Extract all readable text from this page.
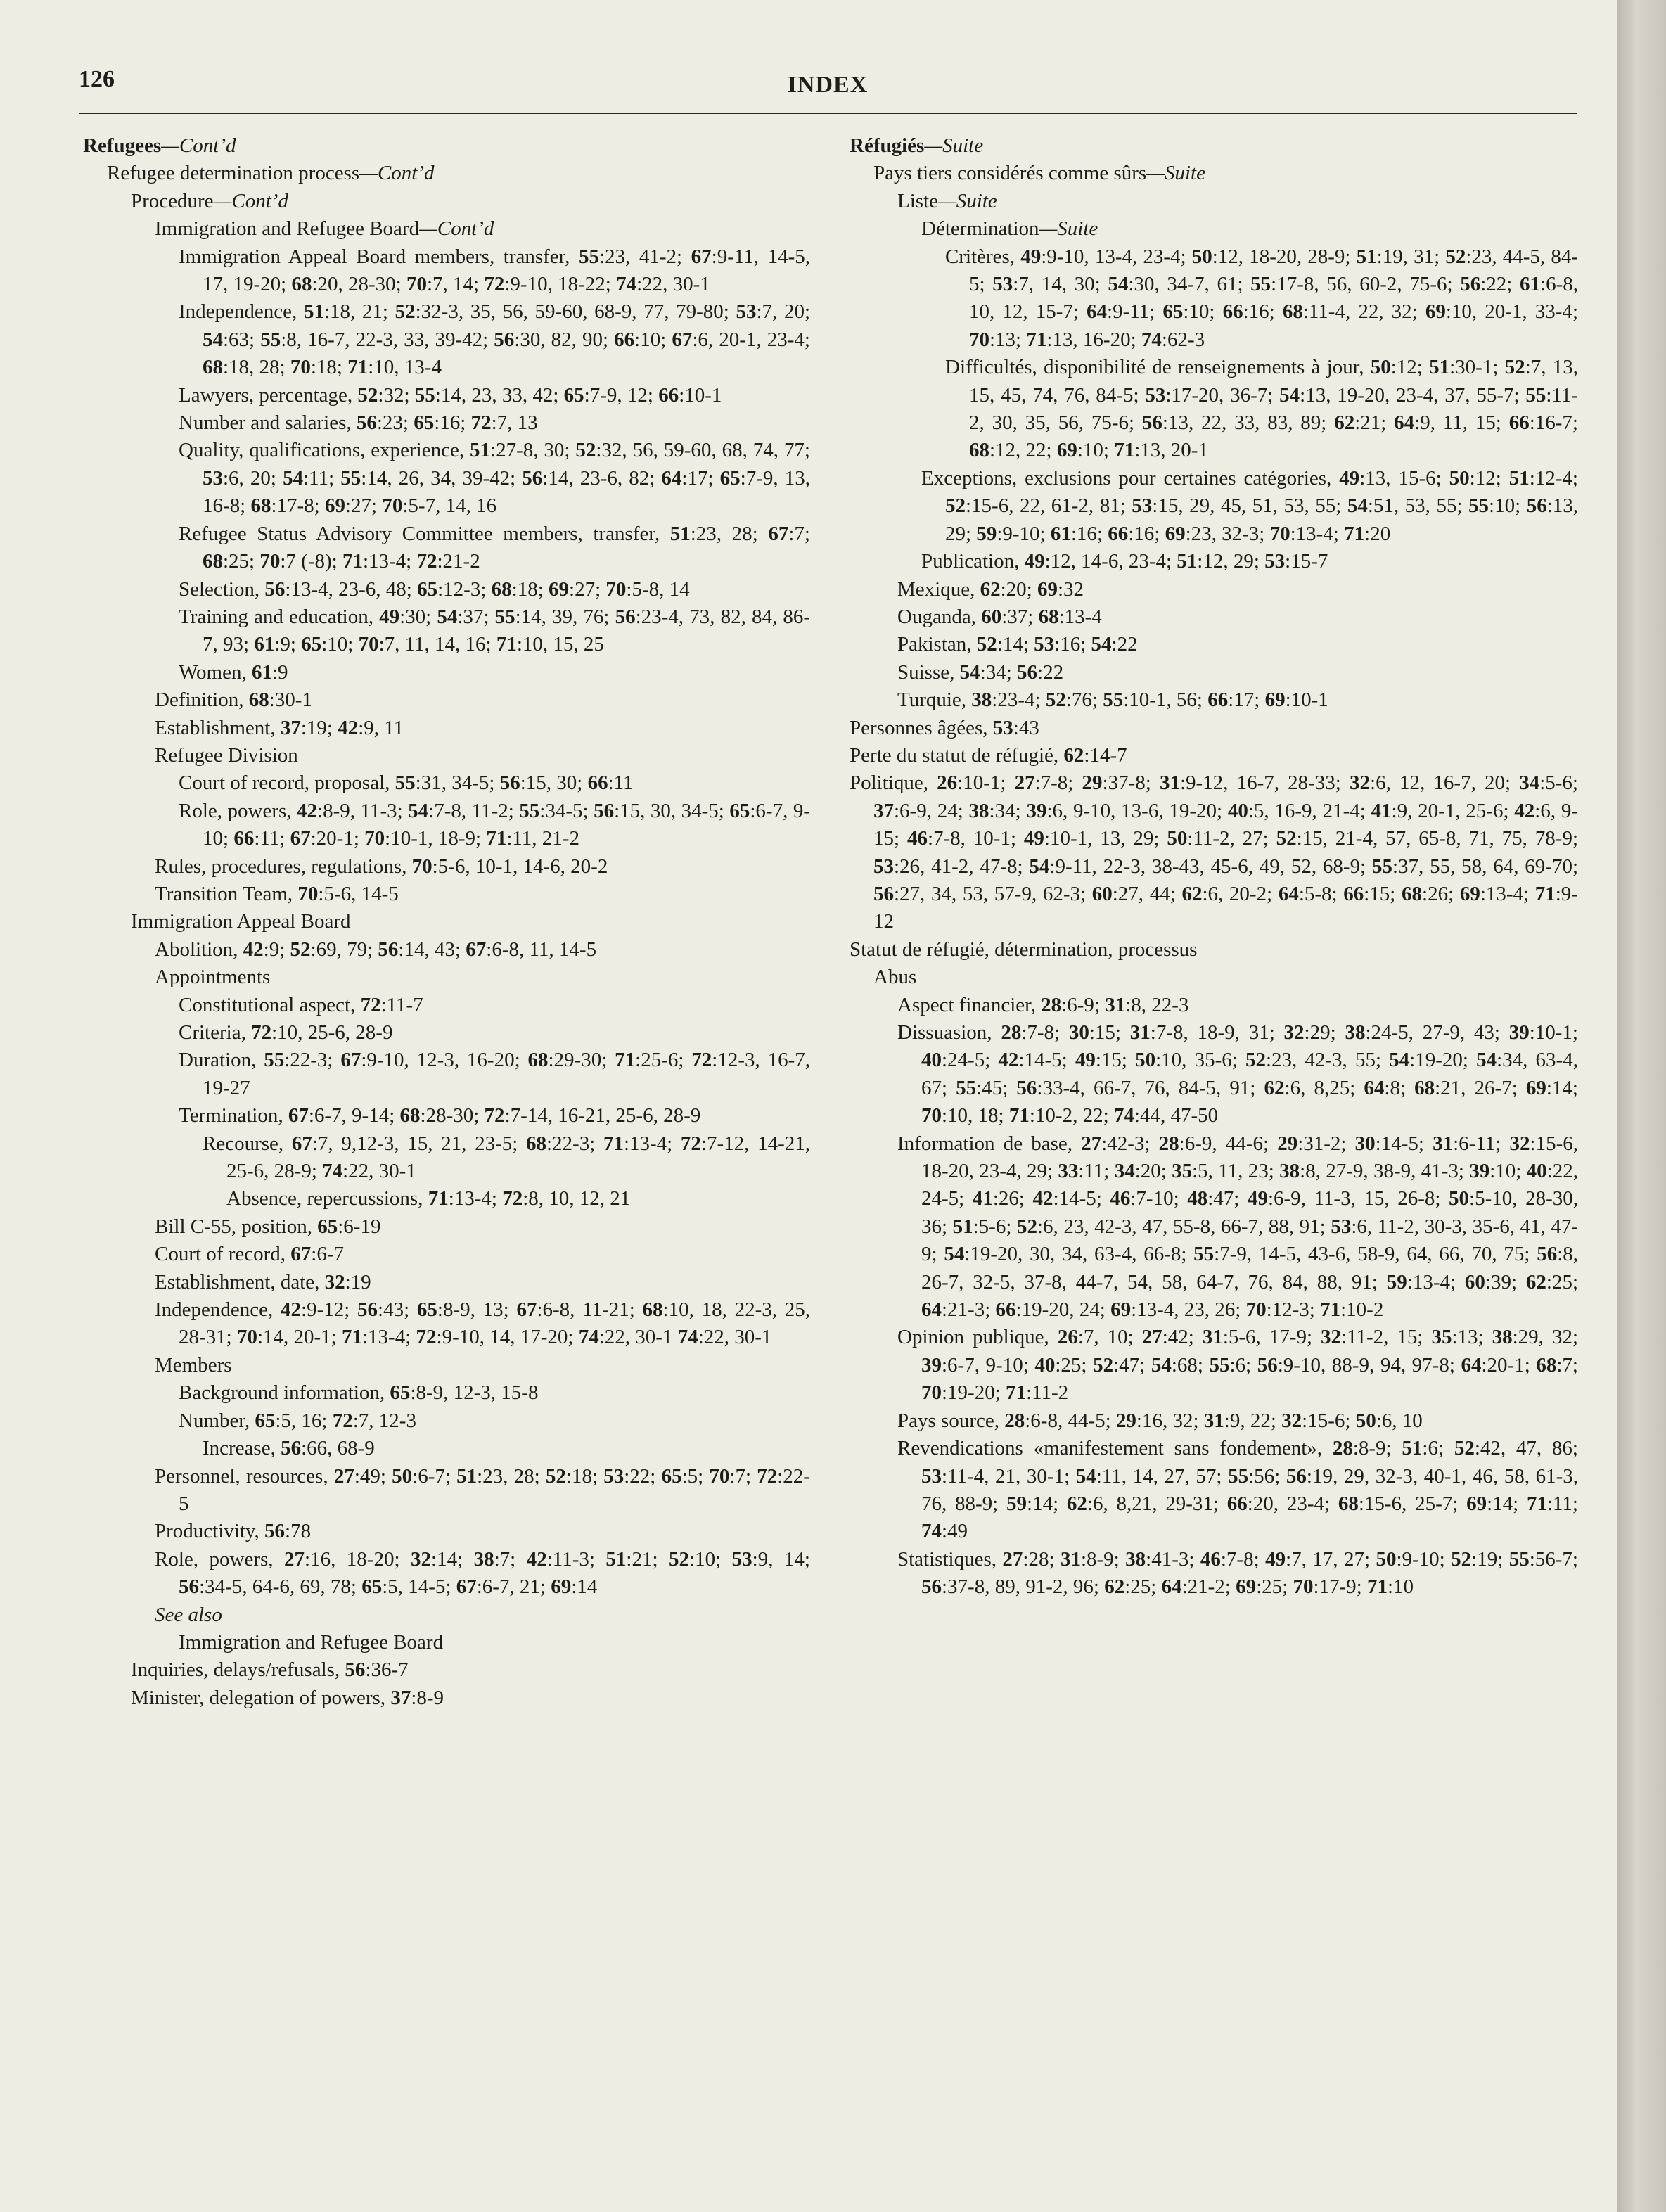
126	INDEX
Refugees—Cont’d
Refugee determination process—Cont’d
Procedure—Cont’d
Immigration and Refugee Board—Cont’d
Immigration Appeal Board members, transfer, 55:23, 41-2; 67:9-11, 14-5, 17, 19-20; 68:20, 28-30; 70:7, 14; 72:9-10, 18-22; 74:22, 30-1
Independence, 51:18, 21; 52:32-3, 35, 56, 59-60, 68-9, 77, 79-80; 53:7, 20; 54:63; 55:8, 16-7, 22-3, 33, 39-42; 56:30, 82, 90; 66:10; 67:6, 20-1, 23-4; 68:18, 28; 70:18; 71:10, 13-4
Lawyers, percentage, 52:32; 55:14, 23, 33, 42; 65:7-9, 12; 66:10-1
Number and salaries, 56:23; 65:16; 72:7, 13
Quality, qualifications, experience, 51:27-8, 30; 52:32, 56, 59-60, 68, 74, 77; 53:6, 20; 54:11; 55:14, 26, 34, 39-42; 56:14, 23-6, 82; 64:17; 65:7-9, 13, 16-8; 68:17-8; 69:27; 70:5-7, 14, 16
Refugee Status Advisory Committee members, transfer, 51:23, 28; 67:7; 68:25; 70:7 (-8); 71:13-4; 72:21-2
Selection, 56:13-4, 23-6, 48; 65:12-3; 68:18; 69:27; 70:5-8, 14
Training and education, 49:30; 54:37; 55:14, 39, 76; 56:23-4, 73, 82, 84, 86-7, 93; 61:9; 65:10; 70:7, 11, 14, 16; 71:10, 15, 25
Women, 61:9
Definition, 68:30-1
Establishment, 37:19; 42:9, 11
Refugee Division
Court of record, proposal, 55:31, 34-5; 56:15, 30; 66:11
Role, powers, 42:8-9, 11-3; 54:7-8, 11-2; 55:34-5; 56:15, 30, 34-5; 65:6-7, 9-10; 66:11; 67:20-1; 70:10-1, 18-9; 71:11, 21-2
Rules, procedures, regulations, 70:5-6, 10-1, 14-6, 20-2
Transition Team, 70:5-6, 14-5
Immigration Appeal Board
Abolition, 42:9; 52:69, 79; 56:14, 43; 67:6-8, 11, 14-5
Appointments
Constitutional aspect, 72:11-7
Criteria, 72:10, 25-6, 28-9
Duration, 55:22-3; 67:9-10, 12-3, 16-20; 68:29-30; 71:25-6; 72:12-3, 16-7, 19-27
Termination, 67:6-7, 9-14; 68:28-30; 72:7-14, 16-21, 25-6, 28-9
Recourse, 67:7, 9,12-3, 15, 21, 23-5; 68:22-3; 71:13-4; 72:7-12, 14-21, 25-6, 28-9; 74:22, 30-1
Absence, repercussions, 71:13-4; 72:8, 10, 12, 21
Bill C-55, position, 65:6-19
Court of record, 67:6-7
Establishment, date, 32:19
Independence, 42:9-12; 56:43; 65:8-9, 13; 67:6-8, 11-21; 68:10, 18, 22-3, 25, 28-31; 70:14, 20-1; 71:13-4; 72:9-10, 14, 17-20; 74:22, 30-1 74:22, 30-1
Members
Background information, 65:8-9, 12-3, 15-8
Number, 65:5, 16; 72:7, 12-3
Increase, 56:66, 68-9
Personnel, resources, 27:49; 50:6-7; 51:23, 28; 52:18; 53:22; 65:5; 70:7; 72:22-5
Productivity, 56:78
Role, powers, 27:16, 18-20; 32:14; 38:7; 42:11-3; 51:21; 52:10; 53:9, 14; 56:34-5, 64-6, 69, 78; 65:5, 14-5; 67:6-7, 21; 69:14
See also
Immigration and Refugee Board
Inquiries, delays/refusals, 56:36-7
Minister, delegation of powers, 37:8-9
Réfugiés—Suite
Pays tiers considérés comme sûrs—Suite
Liste—Suite
Détermination—Suite
Critères, 49:9-10, 13-4, 23-4; 50:12, 18-20, 28-9; 51:19, 31; 52:23, 44-5, 84-5; 53:7, 14, 30; 54:30, 34-7, 61; 55:17-8, 56, 60-2, 75-6; 56:22; 61:6-8, 10, 12, 15-7; 64:9-11; 65:10; 66:16; 68:11-4, 22, 32; 69:10, 20-1, 33-4; 70:13; 71:13, 16-20; 74:62-3
Difficultés, disponibilité de renseignements à jour, 50:12; 51:30-1; 52:7, 13, 15, 45, 74, 76, 84-5; 53:17-20, 36-7; 54:13, 19-20, 23-4, 37, 55-7; 55:11-2, 30, 35, 56, 75-6; 56:13, 22, 33, 83, 89; 62:21; 64:9, 11, 15; 66:16-7; 68:12, 22; 69:10; 71:13, 20-1
Exceptions, exclusions pour certaines catégories, 49:13, 15-6; 50:12; 51:12-4; 52:15-6, 22, 61-2, 81; 53:15, 29, 45, 51, 53, 55; 54:51, 53, 55; 55:10; 56:13, 29; 59:9-10; 61:16; 66:16; 69:23, 32-3; 70:13-4; 71:20
Publication, 49:12, 14-6, 23-4; 51:12, 29; 53:15-7
Mexique, 62:20; 69:32
Ouganda, 60:37; 68:13-4
Pakistan, 52:14; 53:16; 54:22
Suisse, 54:34; 56:22
Turquie, 38:23-4; 52:76; 55:10-1, 56; 66:17; 69:10-1
Personnes âgées, 53:43
Perte du statut de réfugié, 62:14-7
Politique, 26:10-1; 27:7-8; 29:37-8; 31:9-12, 16-7, 28-33; 32:6, 12, 16-7, 20; 34:5-6; 37:6-9, 24; 38:34; 39:6, 9-10, 13-6, 19-20; 40:5, 16-9, 21-4; 41:9, 20-1, 25-6; 42:6, 9-15; 46:7-8, 10-1; 49:10-1, 13, 29; 50:11-2, 27; 52:15, 21-4, 57, 65-8, 71, 75, 78-9; 53:26, 41-2, 47-8; 54:9-11, 22-3, 38-43, 45-6, 49, 52, 68-9; 55:37, 55, 58, 64, 69-70; 56:27, 34, 53, 57-9, 62-3; 60:27, 44; 62:6, 20-2; 64:5-8; 66:15; 68:26; 69:13-4; 71:9-12
Statut de réfugié, détermination, processus
Abus
Aspect financier, 28:6-9; 31:8, 22-3
Dissuasion, 28:7-8; 30:15; 31:7-8, 18-9, 31; 32:29; 38:24-5, 27-9, 43; 39:10-1; 40:24-5; 42:14-5; 49:15; 50:10, 35-6; 52:23, 42-3, 55; 54:19-20; 54:34, 63-4, 67; 55:45; 56:33-4, 66-7, 76, 84-5, 91; 62:6, 8,25; 64:8; 68:21, 26-7; 69:14; 70:10, 18; 71:10-2, 22; 74:44, 47-50
Information de base, 27:42-3; 28:6-9, 44-6; 29:31-2; 30:14-5; 31:6-11; 32:15-6, 18-20, 23-4, 29; 33:11; 34:20; 35:5, 11, 23; 38:8, 27-9, 38-9, 41-3; 39:10; 40:22, 24-5; 41:26; 42:14-5; 46:7-10; 48:47; 49:6-9, 11-3, 15, 26-8; 50:5-10, 28-30, 36; 51:5-6; 52:6, 23, 42-3, 47, 55-8, 66-7, 88, 91; 53:6, 11-2, 30-3, 35-6, 41, 47-9; 54:19-20, 30, 34, 63-4, 66-8; 55:7-9, 14-5, 43-6, 58-9, 64, 66, 70, 75; 56:8, 26-7, 32-5, 37-8, 44-7, 54, 58, 64-7, 76, 84, 88, 91; 59:13-4; 60:39; 62:25; 64:21-3; 66:19-20, 24; 69:13-4, 23, 26; 70:12-3; 71:10-2
Opinion publique, 26:7, 10; 27:42; 31:5-6, 17-9; 32:11-2, 15; 35:13; 38:29, 32; 39:6-7, 9-10; 40:25; 52:47; 54:68; 55:6; 56:9-10, 88-9, 94, 97-8; 64:20-1; 68:7; 70:19-20; 71:11-2
Pays source, 28:6-8, 44-5; 29:16, 32; 31:9, 22; 32:15-6; 50:6, 10
Revendications «manifestement sans fondement», 28:8-9; 51:6; 52:42, 47, 86; 53:11-4, 21, 30-1; 54:11, 14, 27, 57; 55:56; 56:19, 29, 32-3, 40-1, 46, 58, 61-3, 76, 88-9; 59:14; 62:6, 8,21, 29-31; 66:20, 23-4; 68:15-6, 25-7; 69:14; 71:11; 74:49
Statistiques, 27:28; 31:8-9; 38:41-3; 46:7-8; 49:7, 17, 27; 50:9-10; 52:19; 55:56-7; 56:37-8, 89, 91-2, 96; 62:25; 64:21-2; 69:25; 70:17-9; 71:10
